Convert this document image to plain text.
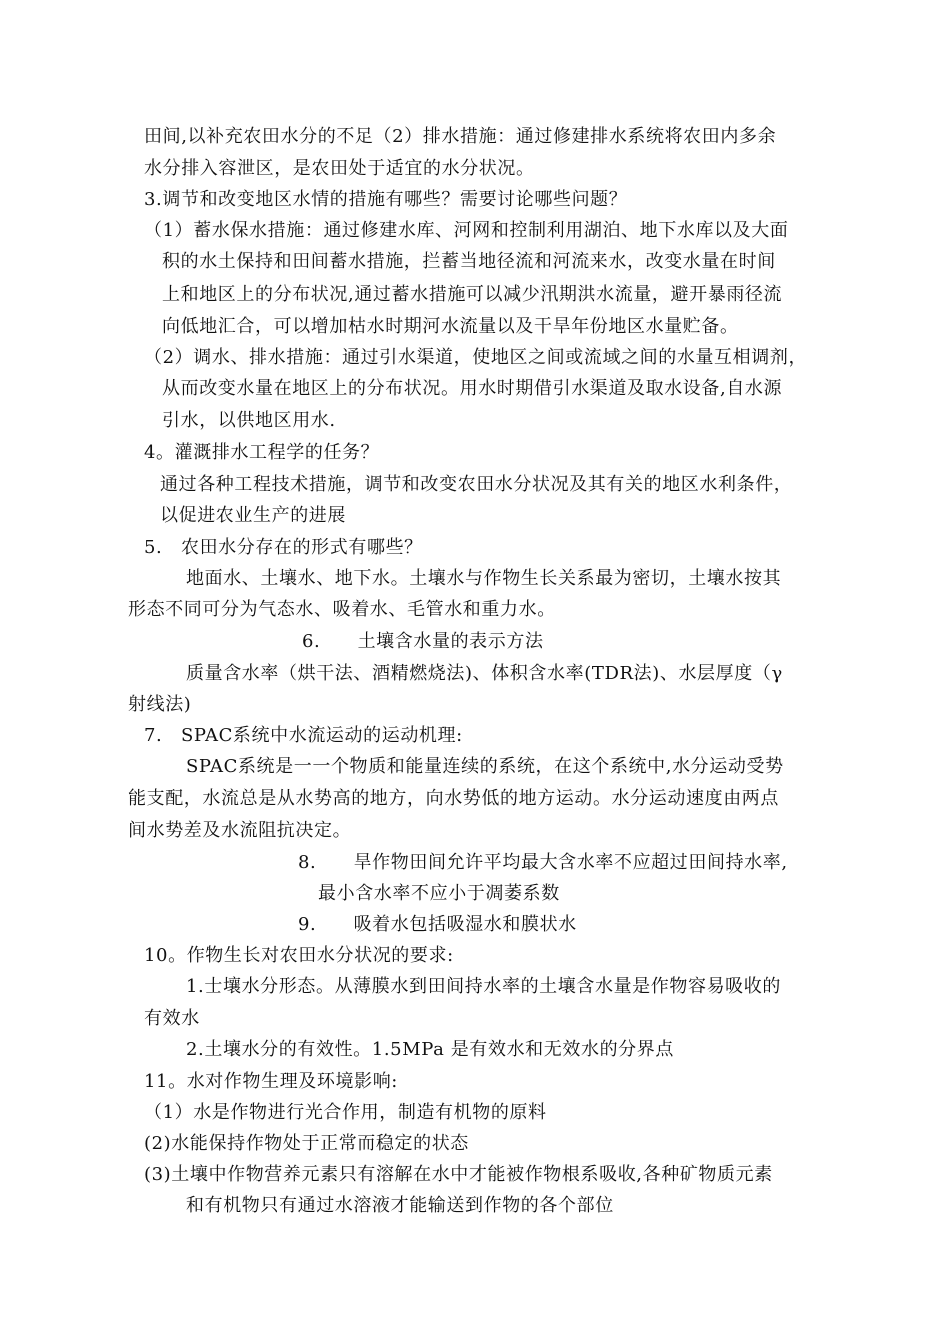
田间,以补充农田水分的不足（2）排水措施：通过修建排水系统将农田内多余
水分排入容泄区，是农田处于适宜的水分状况。
3.调节和改变地区水情的措施有哪些？需要讨论哪些问题？
（1）蓄水保水措施：通过修建水库、河网和控制利用湖泊、地下水库以及大面
积的水土保持和田间蓄水措施，拦蓄当地径流和河流来水，改变水量在时间
上和地区上的分布状况,通过蓄水措施可以减少汛期洪水流量，避开暴雨径流
向低地汇合，可以增加枯水时期河水流量以及干旱年份地区水量贮备。
（2）调水、排水措施：通过引水渠道，使地区之间或流域之间的水量互相调剂，
从而改变水量在地区上的分布状况。用水时期借引水渠道及取水设备,自水源
引水，以供地区用水.
4。灌溉排水工程学的任务？
通过各种工程技术措施，调节和改变农田水分状况及其有关的地区水利条件，
以促进农业生产的进展
5.　农田水分存在的形式有哪些？
地面水、土壤水、地下水。土壤水与作物生长关系最为密切，土壤水按其
形态不同可分为气态水、吸着水、毛管水和重力水。
6.　　土壤含水量的表示方法
质量含水率（烘干法、酒精燃烧法)、体积含水率(TDR法)、水层厚度（γ
射线法)
7.　SPAC系统中水流运动的运动机理:
SPAC系统是一一个物质和能量连续的系统，在这个系统中,水分运动受势
能支配，水流总是从水势高的地方，向水势低的地方运动。水分运动速度由两点
间水势差及水流阻抗决定。
8.　　旱作物田间允许平均最大含水率不应超过田间持水率,
最小含水率不应小于凋萎系数
9.　　吸着水包括吸湿水和膜状水
10。作物生长对农田水分状况的要求:
1.士壤水分形态。从薄膜水到田间持水率的土壤含水量是作物容易吸收的
有效水
2.土壤水分的有效性。1.5MPa 是有效水和无效水的分界点
11。水对作物生理及环境影响:
（1）水是作物进行光合作用，制造有机物的原料
(2)水能保持作物处于正常而稳定的状态
(3)土壤中作物营养元素只有溶解在水中才能被作物根系吸收,各种矿物质元素
和有机物只有通过水溶液才能输送到作物的各个部位
